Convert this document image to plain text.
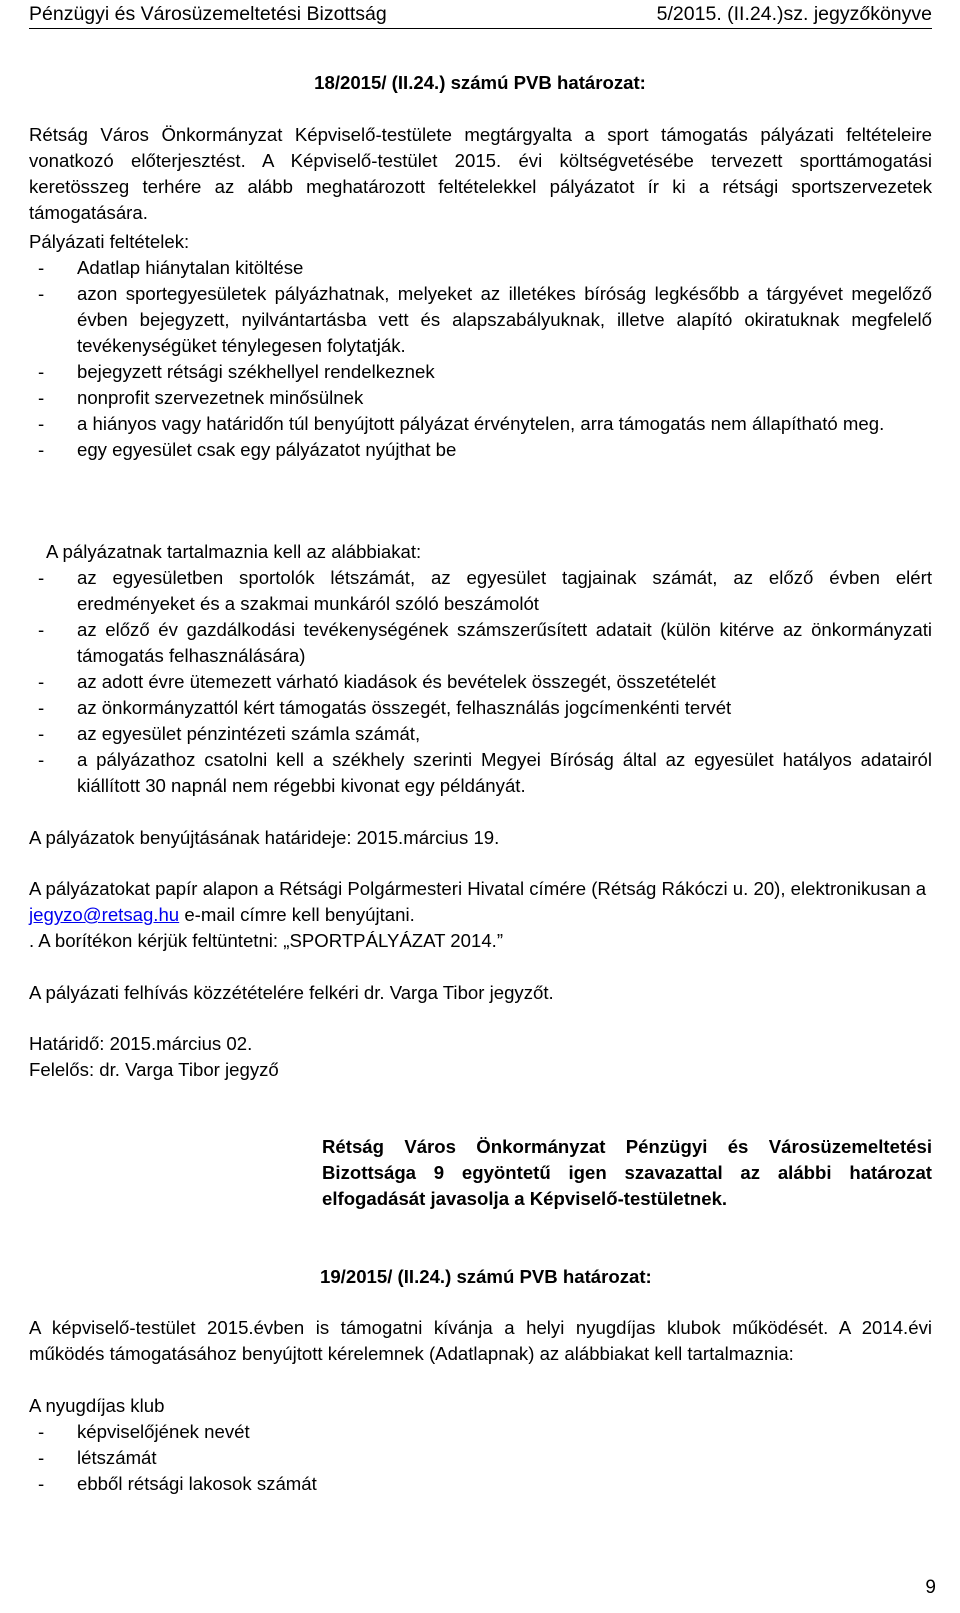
Pénzügyi és Városüzemeltetési Bizottság	5/2015. (II.24.)sz. jegyzőkönyve
18/2015/ (II.24.) számú PVB határozat:
Rétság Város Önkormányzat Képviselő-testülete megtárgyalta a sport támogatás pályázati feltételeire vonatkozó előterjesztést. A Képviselő-testület 2015. évi költségvetésébe tervezett sporttámogatási keretösszeg terhére az alább meghatározott feltételekkel pályázatot ír ki a rétsági sportszervezetek támogatására.
Pályázati feltételek:
- Adatlap hiánytalan kitöltése
- azon sportegyesületek pályázhatnak, melyeket az illetékes bíróság legkésőbb a tárgyévet megelőző évben bejegyzett, nyilvántartásba vett és alapszabályuknak, illetve alapító okiratuknak megfelelő tevékenységüket ténylegesen folytatják.
- bejegyzett rétsági székhellyel rendelkeznek
- nonprofit szervezetnek minősülnek
- a hiányos vagy határidőn túl benyújtott pályázat érvénytelen, arra támogatás nem állapítható meg.
- egy egyesület csak egy pályázatot nyújthat be
A pályázatnak tartalmaznia kell az alábbiakat:
- az egyesületben sportolók létszámát, az egyesület tagjainak számát, az előző évben elért eredményeket és a szakmai munkáról szóló beszámolót
- az előző év gazdálkodási tevékenységének számszerűsített adatait (külön kitérve az önkormányzati támogatás felhasználására)
- az adott évre ütemezett várható kiadások és bevételek összegét, összetételét
- az önkormányzattól kért támogatás összegét, felhasználás jogcímenkénti tervét
- az egyesület pénzintézeti számla számát,
- a pályázathoz csatolni kell a székhely szerinti Megyei Bíróság által az egyesület hatályos adatairól kiállított 30 napnál nem régebbi kivonat egy példányát.
A pályázatok benyújtásának határideje: 2015.március 19.
A pályázatokat papír alapon a Rétsági Polgármesteri Hivatal címére (Rétság Rákóczi u. 20), elektronikusan a jegyzo@retsag.hu e-mail címre kell benyújtani.
. A borítékon kérjük feltüntetni: „SPORTPÁLYÁZAT 2014.”
A pályázati felhívás közzétételére felkéri dr. Varga Tibor jegyzőt.
Határidő: 2015.március 02.
Felelős: dr. Varga Tibor jegyző
Rétság Város Önkormányzat Pénzügyi és Városüzemeltetési Bizottsága 9 egyöntetű igen szavazattal az alábbi határozat elfogadását javasolja a Képviselő-testületnek.
19/2015/ (II.24.) számú PVB határozat:
A képviselő-testület 2015.évben is támogatni kívánja a helyi nyugdíjas klubok működését. A 2014.évi működés támogatásához benyújtott kérelemnek (Adatlapnak) az alábbiakat kell tartalmaznia:
A nyugdíjas klub
- képviselőjének nevét
- létszámát
- ebből rétsági lakosok számát
9
